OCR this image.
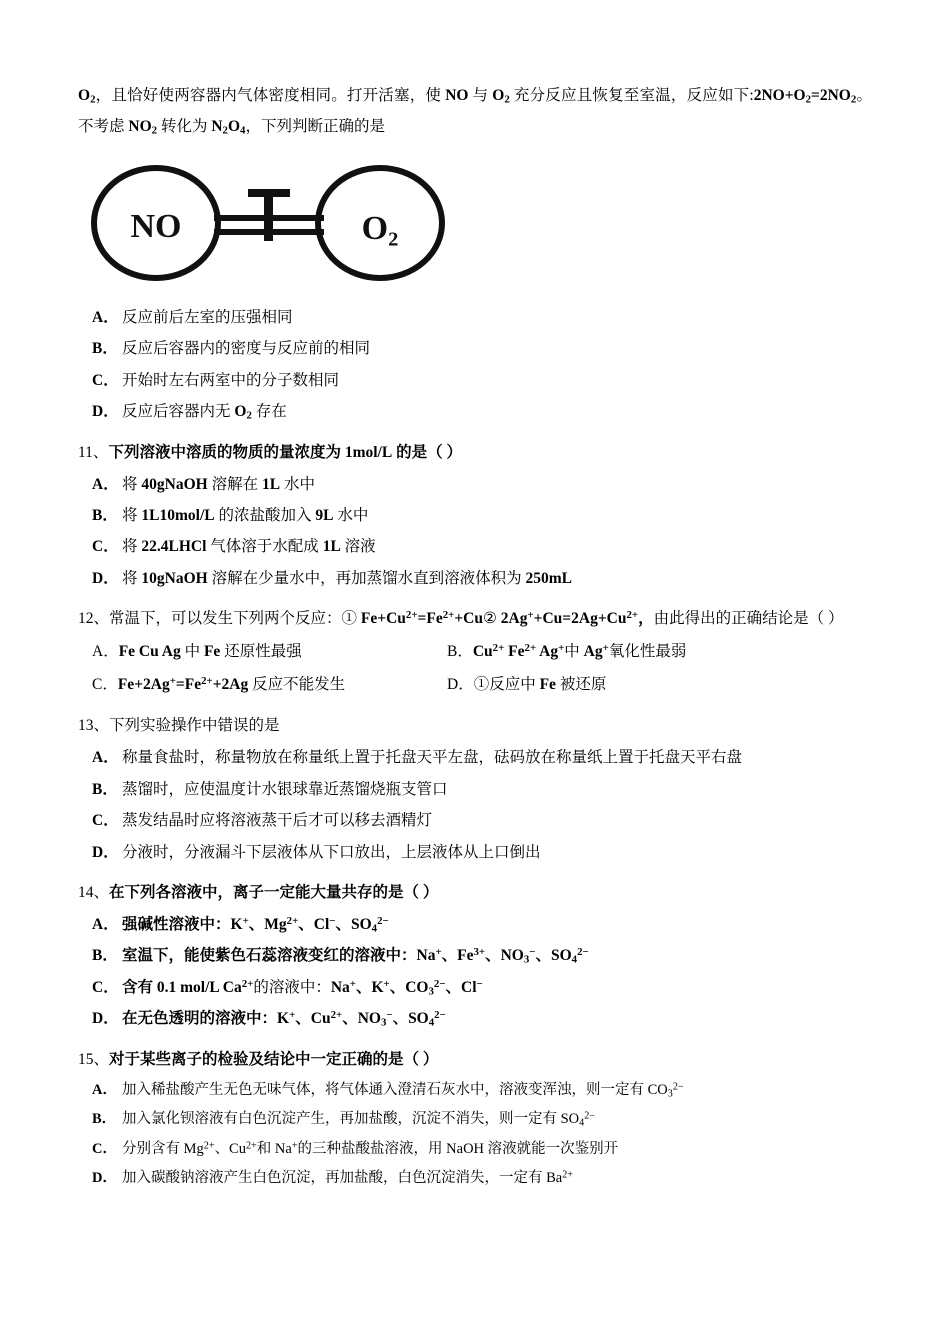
$O_2$，且恰好使两容器内气体密度相同。打开活塞，使 NO 与 $O_2$ 充分反应且恢复至室温，反应如下$:2NO+O_2=2NO_2$。不考虑 $NO_2$ 转化为 $N_2O_4$，下列判断正确的是

NO	O₂

A． 反应前后左室的压强相同

B． 反应后容器内的密度与反应前的相同

C． 开始时左右两室中的分子数相同

D． 反应后容器内无 $O_2$ 存在

11、下列溶液中溶质的物质的量浓度为 1mol/L 的是（ ）

A． 将 40gNaOH 溶解在 1L 水中

B． 将 1L10mol/L 的浓盐酸加入 9L 水中

C． 将 22.4LHCl 气体溶于水配成 1L 溶液

D． 将 10gNaOH 溶解在少量水中，再加蒸馏水直到溶液体积为 250mL

12、常温下，可以发生下列两个反应：① $Fe+Cu^{2+}=Fe^{2+}+Cu②$ $2Ag^++Cu=2Ag+Cu^{2+}$，由此得出的正确结论是（ ）

A．Fe Cu Ag 中 Fe 还原性最强	B．$Cu^{2+}$ $Fe^{2+}$ Ag+中 Ag+氧化性最弱
C．$Fe+2Ag^+=Fe^{2+}+2Ag$ 反应不能发生	D．①反应中 Fe 被还原

13、下列实验操作中错误的是

A． 称量食盐时，称量物放在称量纸上置于托盘天平左盘，砝码放在称量纸上置于托盘天平右盘

B． 蒸馏时，应使温度计水银球靠近蒸馏烧瓶支管口

C． 蒸发结晶时应将溶液蒸干后才可以移去酒精灯

D． 分液时，分液漏斗下层液体从下口放出，上层液体从上口倒出

14、在下列各溶液中，离子一定能大量共存的是（ ）

A． 强碱性溶液中：K+、$Mg^{2+}$、Cl−、$SO_4^{2-}$

B． 室温下，能使紫色石蕊溶液变红的溶液中：Na+、$Fe^{3+}$、$NO_3^-$、$SO_4^{2-}$

C． 含有 0.1 mol/L $Ca^{2+}$的溶液中：Na+、K+、$CO_3^{2-}$、Cl−

D． 在无色透明的溶液中：K+、$Cu^{2+}$、$NO_3^-$、$SO_4^{2-}$

15、对于某些离子的检验及结论中一定正确的是（ ）

A． 加入稀盐酸产生无色无味气体，将气体通入澄清石灰水中，溶液变浑浊，则一定有 $CO_3^{2-}$

B． 加入氯化钡溶液有白色沉淀产生，再加盐酸，沉淀不消失，则一定有 $SO_4^{2-}$

C． 分别含有 $Mg^{2+}$、$Cu^{2+}$和 Na+的三种盐酸盐溶液，用 NaOH 溶液就能一次鉴别开

D． 加入碳酸钠溶液产生白色沉淀，再加盐酸，白色沉淀消失，一定有 $Ba^{2+}$
